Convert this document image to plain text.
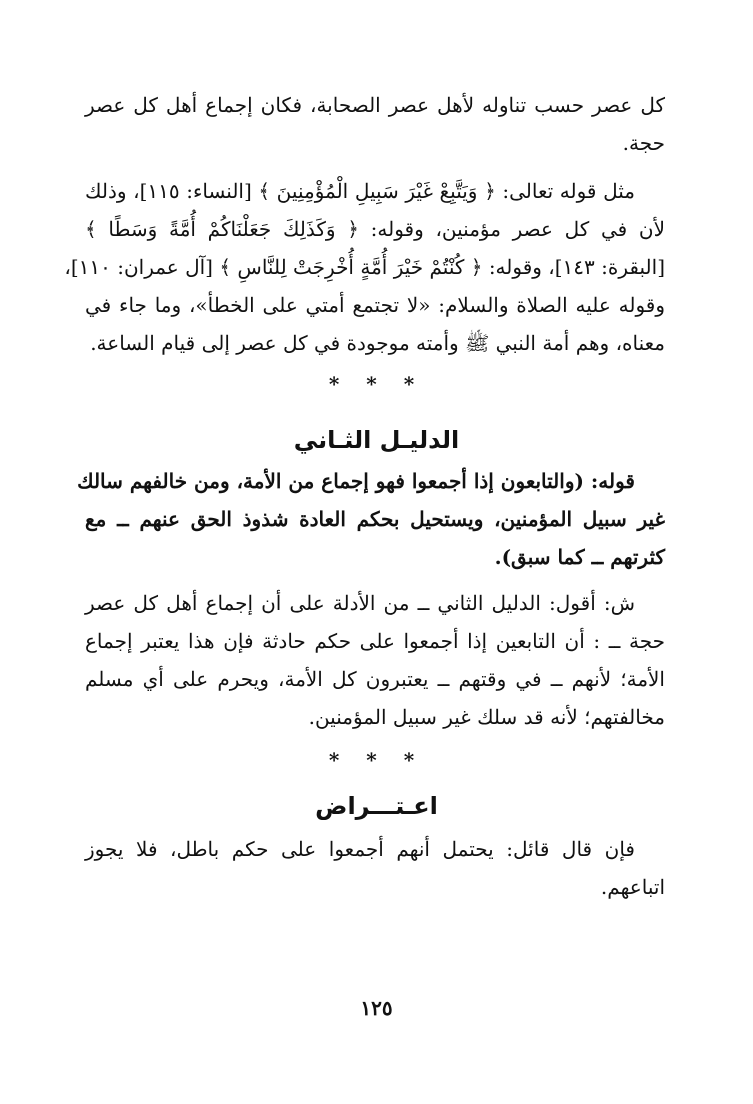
كل عصر حسب تناوله لأهل عصر الصحابة، فكان إجماع أهل كل عصر
حجة.
مثل قوله تعالى: ﴿ وَيَتَّبِعْ غَيْرَ سَبِيلِ الْمُؤْمِنِينَ ﴾ [النساء: ١١٥]، وذلك
لأن في كل عصر مؤمنين، وقوله: ﴿ وَكَذَلِكَ جَعَلْنَاكُمْ أُمَّةً وَسَطًا ﴾
[البقرة: ١٤٣]، وقوله: ﴿ كُنْتُمْ خَيْرَ أُمَّةٍ أُخْرِجَتْ لِلنَّاسِ ﴾ [آل عمران: ١١٠]،
وقوله عليه الصلاة والسلام: «لا تجتمع أمتي على الخطأ»، وما جاء في
معناه، وهم أمة النبي ﷺ وأمته موجودة في كل عصر إلى قيام الساعة.
* * *
الدليـل الثـاني
قوله: (والتابعون إذا أجمعوا فهو إجماع من الأمة، ومن خالفهم سالك
غير سبيل المؤمنين، ويستحيل بحكم العادة شذوذ الحق عنهم ــ مع
كثرتهم ــ كما سبق).
ش: أقول: الدليل الثاني ــ من الأدلة على أن إجماع أهل كل عصر
حجة ــ : أن التابعين إذا أجمعوا على حكم حادثة فإن هذا يعتبر إجماع
الأمة؛ لأنهم ــ في وقتهم ــ يعتبرون كل الأمة، ويحرم على أي مسلم
مخالفتهم؛ لأنه قد سلك غير سبيل المؤمنين.
* * *
اعـتـــراض
فإن قال قائل: يحتمل أنهم أجمعوا على حكم باطل، فلا يجوز
اتباعهم.
١٢٥
